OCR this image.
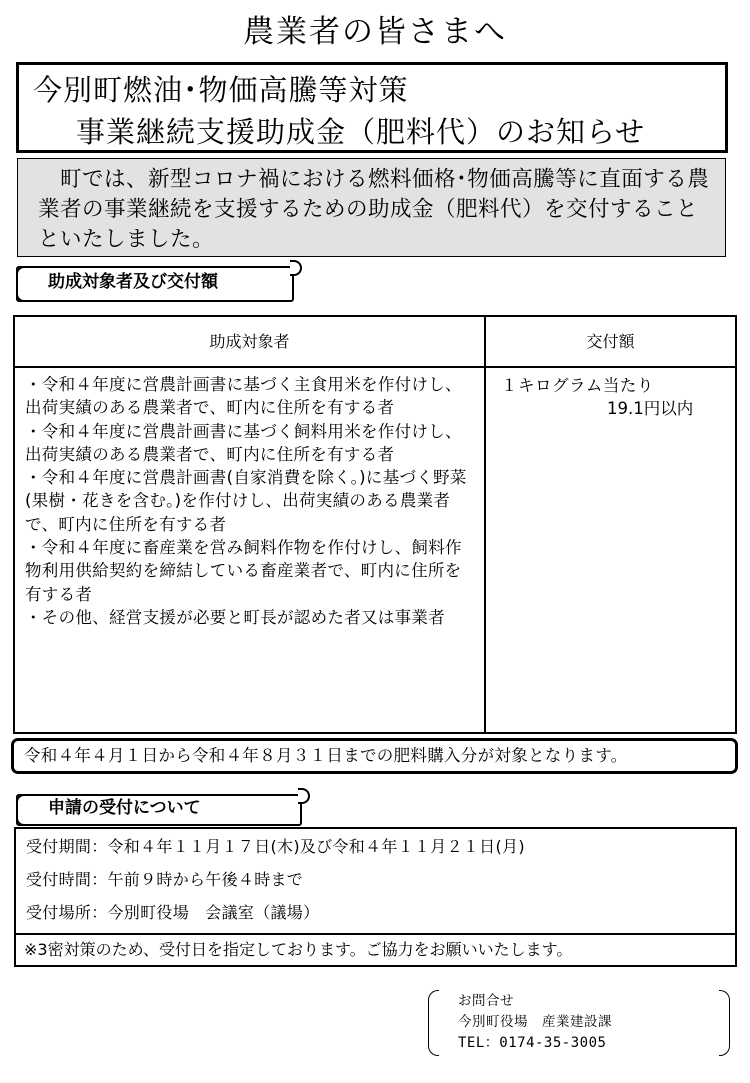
農業者の皆さまへ
今別町燃油･物価高騰等対策
事業継続支援助成金（肥料代）のお知らせ
町では、新型コロナ禍における燃料価格･物価高騰等に直面する農業者の事業継続を支援するための助成金（肥料代）を交付することといたしました。
助成対象者及び交付額
助成対象者	交付額
・令和４年度に営農計画書に基づく主食用米を作付けし、出荷実績のある農業者で、町内に住所を有する者
・令和４年度に営農計画書に基づく飼料用米を作付けし、出荷実績のある農業者で、町内に住所を有する者
・令和４年度に営農計画書(自家消費を除く。)に基づく野菜(果樹・花きを含む。)を作付けし、出荷実績のある農業者で、町内に住所を有する者
・令和４年度に畜産業を営み飼料作物を作付けし、飼料作物利用供給契約を締結している畜産業者で、町内に住所を有する者
・その他、経営支援が必要と町長が認めた者又は事業者
１キログラム当たり
19.1円以内
令和４年４月１日から令和４年８月３１日までの肥料購入分が対象となります。
申請の受付について
受付期間：令和４年１１月１７日(木)及び令和４年１１月２１日(月)
受付時間：午前９時から午後４時まで
受付場所：今別町役場　会議室（議場）
※3密対策のため、受付日を指定しております。ご協力をお願いいたします。
お問合せ
今別町役場　産業建設課
TEL：0174-35-3005
